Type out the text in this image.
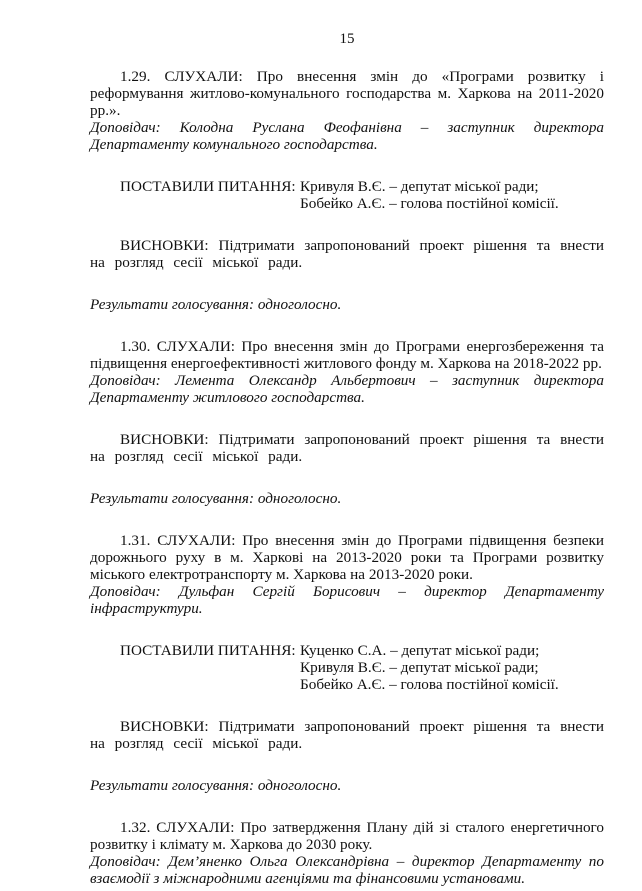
15

1.29. СЛУХАЛИ: Про внесення змін до «Програми розвитку і реформування житлово-комунального господарства м. Харкова на 2011-2020 рр.».

Доповідач: Колодна Руслана Феофанівна – заступник директора Департаменту комунального господарства.

ПОСТАВИЛИ ПИТАННЯ: Кривуля В.Є. – депутат міської ради;
Бобейко А.Є. – голова постійної комісії.

ВИСНОВКИ: Підтримати запропонований проект рішення та внести на розгляд сесії міської ради.

Результати голосування: одноголосно.

1.30. СЛУХАЛИ: Про внесення змін до Програми енергозбереження та підвищення енергоефективності житлового фонду м. Харкова на 2018-2022 рр.

Доповідач: Лемента Олександр Альбертович – заступник директора Департаменту житлового господарства.

ВИСНОВКИ: Підтримати запропонований проект рішення та внести на розгляд сесії міської ради.

Результати голосування: одноголосно.

1.31. СЛУХАЛИ: Про внесення змін до Програми підвищення безпеки дорожнього руху в м. Харкові на 2013-2020 роки та Програми розвитку міського електротранспорту м. Харкова на 2013-2020 роки.

Доповідач: Дульфан Сергій Борисович – директор Департаменту інфраструктури.

ПОСТАВИЛИ ПИТАННЯ: Куценко С.А. – депутат міської ради;
Кривуля В.Є. – депутат міської ради;
Бобейко А.Є. – голова постійної комісії.

ВИСНОВКИ: Підтримати запропонований проект рішення та внести на розгляд сесії міської ради.

Результати голосування: одноголосно.

1.32. СЛУХАЛИ: Про затвердження Плану дій зі сталого енергетичного розвитку і клімату м. Харкова до 2030 року.

Доповідач: Дем’яненко Ольга Олександрівна – директор Департаменту по взаємодії з міжнародними агенціями та фінансовими установами.
